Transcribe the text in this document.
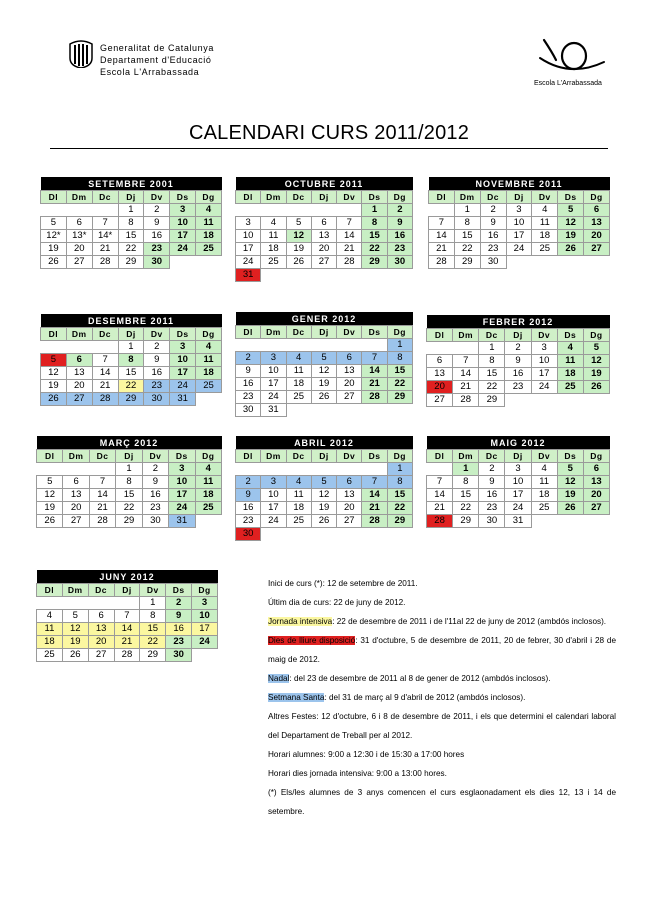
Generalitat de Catalunya
Departament d'Educació
Escola L'Arrabassada
Escola L'Arrabassada
CALENDARI CURS 2011/2012
SETEMBRE 2001						
Dl	Dm	Dc	Dj	Dv	Ds	Dg
			1	2	3	4
5	6	7	8	9	10	11
12*	13*	14*	15	16	17	18
19	20	21	22	23	24	25
26	27	28	29	30		
OCTUBRE 2011						
Dl	Dm	Dc	Dj	Dv	Ds	Dg
					1	2
3	4	5	6	7	8	9
10	11	12	13	14	15	16
17	18	19	20	21	22	23
24	25	26	27	28	29	30
31						
NOVEMBRE 2011						
Dl	Dm	Dc	Dj	Dv	Ds	Dg
	1	2	3	4	5	6
7	8	9	10	11	12	13
14	15	16	17	18	19	20
21	22	23	24	25	26	27
28	29	30				
DESEMBRE 2011						
Dl	Dm	Dc	Dj	Dv	Ds	Dg
			1	2	3	4
5	6	7	8	9	10	11
12	13	14	15	16	17	18
19	20	21	22	23	24	25
26	27	28	29	30	31	
GENER 2012						
Dl	Dm	Dc	Dj	Dv	Ds	Dg
						1
2	3	4	5	6	7	8
9	10	11	12	13	14	15
16	17	18	19	20	21	22
23	24	25	26	27	28	29
30	31					
FEBRER 2012						
Dl	Dm	Dc	Dj	Dv	Ds	Dg
		1	2	3	4	5
6	7	8	9	10	11	12
13	14	15	16	17	18	19
20	21	22	23	24	25	26
27	28	29				
MARÇ 2012						
Dl	Dm	Dc	Dj	Dv	Ds	Dg
			1	2	3	4
5	6	7	8	9	10	11
12	13	14	15	16	17	18
19	20	21	22	23	24	25
26	27	28	29	30	31	
ABRIL 2012						
Dl	Dm	Dc	Dj	Dv	Ds	Dg
						1
2	3	4	5	6	7	8
9	10	11	12	13	14	15
16	17	18	19	20	21	22
23	24	25	26	27	28	29
30						
MAIG 2012						
Dl	Dm	Dc	Dj	Dv	Ds	Dg
	1	2	3	4	5	6
7	8	9	10	11	12	13
14	15	16	17	18	19	20
21	22	23	24	25	26	27
28	29	30	31			
JUNY 2012						
Dl	Dm	Dc	Dj	Dv	Ds	Dg
				1	2	3
4	5	6	7	8	9	10
11	12	13	14	15	16	17
18	19	20	21	22	23	24
25	26	27	28	29	30	

Inici de curs (*): 12 de setembre de 2011.

Últim dia de curs: 22 de juny de 2012.

Jornada intensiva: 22 de desembre de 2011 i de l'11al 22 de juny de 2012 (ambdós inclosos).

Dies de lliure disposició: 31 d'octubre, 5 de desembre de 2011, 20 de febrer, 30 d'abril i 28 de maig de 2012.

Nadal: del 23 de desembre de 2011 al 8 de gener de 2012 (ambdós inclosos).

Setmana Santa: del 31 de març al 9 d'abril de 2012 (ambdós inclosos).

Altres Festes: 12 d'octubre, 6 i 8 de desembre de 2011, i els que determini el calendari laboral del Departament de Treball per al 2012.

Horari alumnes: 9:00 a 12:30 i de 15:30 a 17:00 hores

Horari dies jornada intensiva: 9:00 a 13:00 hores.

(*) Els/les alumnes de 3 anys comencen el curs esglaonadament els dies 12, 13 i 14 de setembre.
